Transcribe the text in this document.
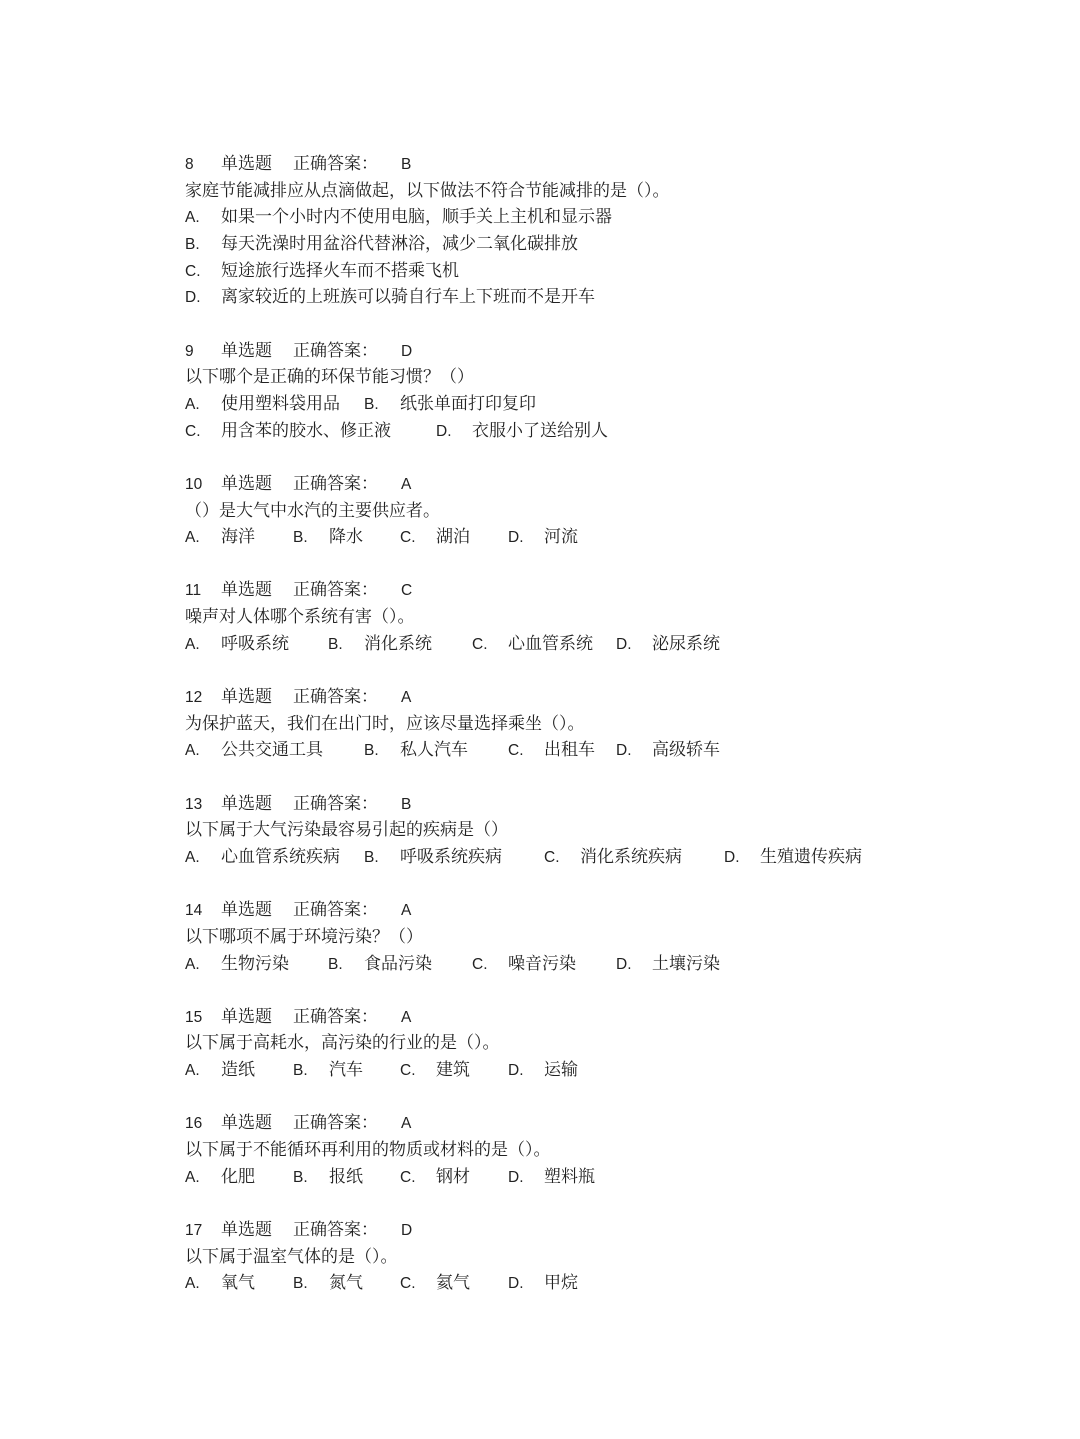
8 单选题 正确答案： B
家庭节能减排应从点滴做起，以下做法不符合节能减排的是（）。
A. 如果一个小时内不使用电脑，顺手关上主机和显示器
B. 每天洗澡时用盆浴代替淋浴，减少二氧化碳排放
C. 短途旅行选择火车而不搭乘飞机
D. 离家较近的上班族可以骑自行车上下班而不是开车
9 单选题 正确答案： D
以下哪个是正确的环保节能习惯？（）
A. 使用塑料袋用品 B. 纸张单面打印复印
C. 用含苯的胶水、修正液	D. 衣服小了送给别人
10 单选题 正确答案： A
（）是大气中水汽的主要供应者。
A. 海洋 B. 降水 C. 湖泊 D. 河流
11 单选题 正确答案： C
噪声对人体哪个系统有害（）。
A. 呼吸系统	B. 消化系统	C. 心血管系统 D. 泌尿系统
12 单选题 正确答案： A
为保护蓝天，我们在出门时，应该尽量选择乘坐（）。
A. 公共交通工具	B. 私人汽车	C. 出租车 D. 高级轿车
13 单选题 正确答案： B
以下属于大气污染最容易引起的疾病是（）
A. 心血管系统疾病 B. 呼吸系统疾病	C. 消化系统疾病	D. 生殖遗传疾病
14 单选题 正确答案： A
以下哪项不属于环境污染？（）
A. 生物污染	B. 食品污染	C. 噪音污染	D. 土壤污染
15 单选题 正确答案： A
以下属于高耗水，高污染的行业的是（）。
A. 造纸 B. 汽车 C. 建筑 D. 运输
16 单选题 正确答案： A
以下属于不能循环再利用的物质或材料的是（）。
A. 化肥 B. 报纸 C. 钢材 D. 塑料瓶
17 单选题 正确答案： D
以下属于温室气体的是（）。
A. 氧气 B. 氮气 C. 氦气 D. 甲烷
